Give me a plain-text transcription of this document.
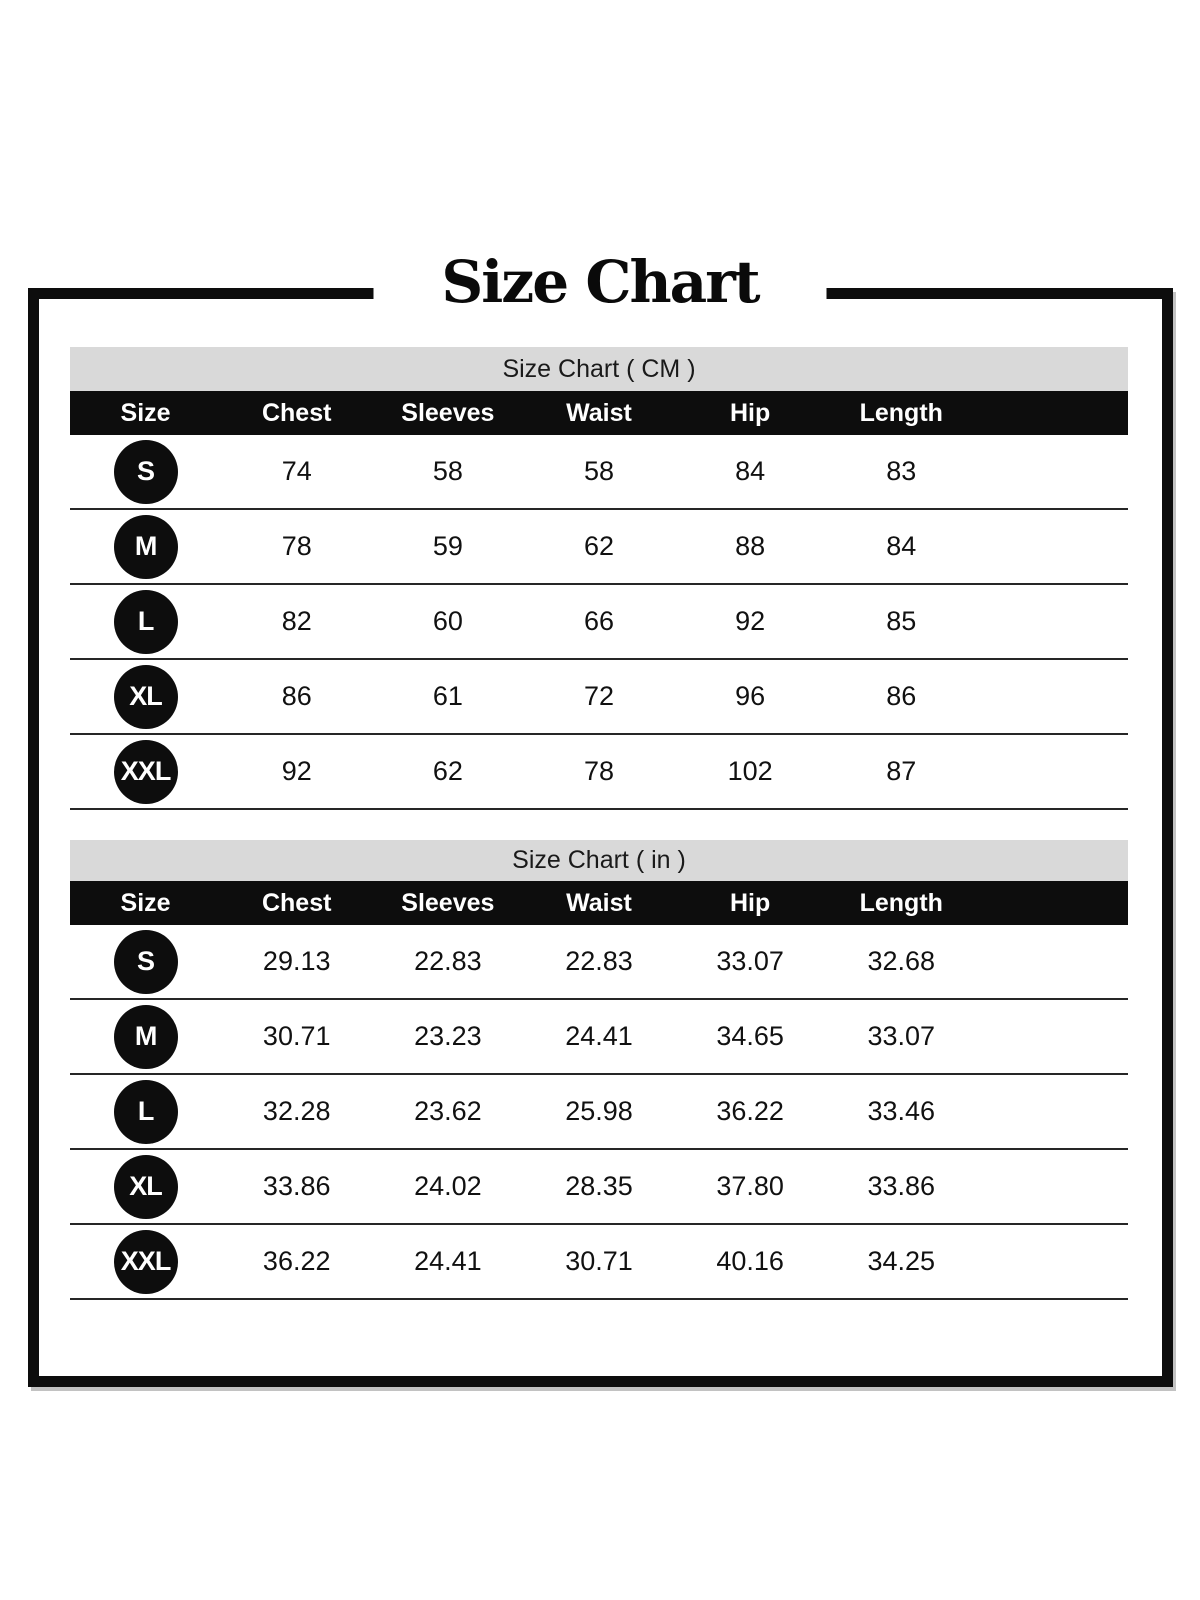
Size Chart
Size Chart ( CM )
Size	Chest	Sleeves	Waist	Hip	Length
S	74	58	58	84	83
M	78	59	62	88	84
L	82	60	66	92	85
XL	86	61	72	96	86
XXL	92	62	78	102	87
Size Chart ( in )
Size	Chest	Sleeves	Waist	Hip	Length
S	29.13	22.83	22.83	33.07	32.68
M	30.71	23.23	24.41	34.65	33.07
L	32.28	23.62	25.98	36.22	33.46
XL	33.86	24.02	28.35	37.80	33.86
XXL	36.22	24.41	30.71	40.16	34.25
